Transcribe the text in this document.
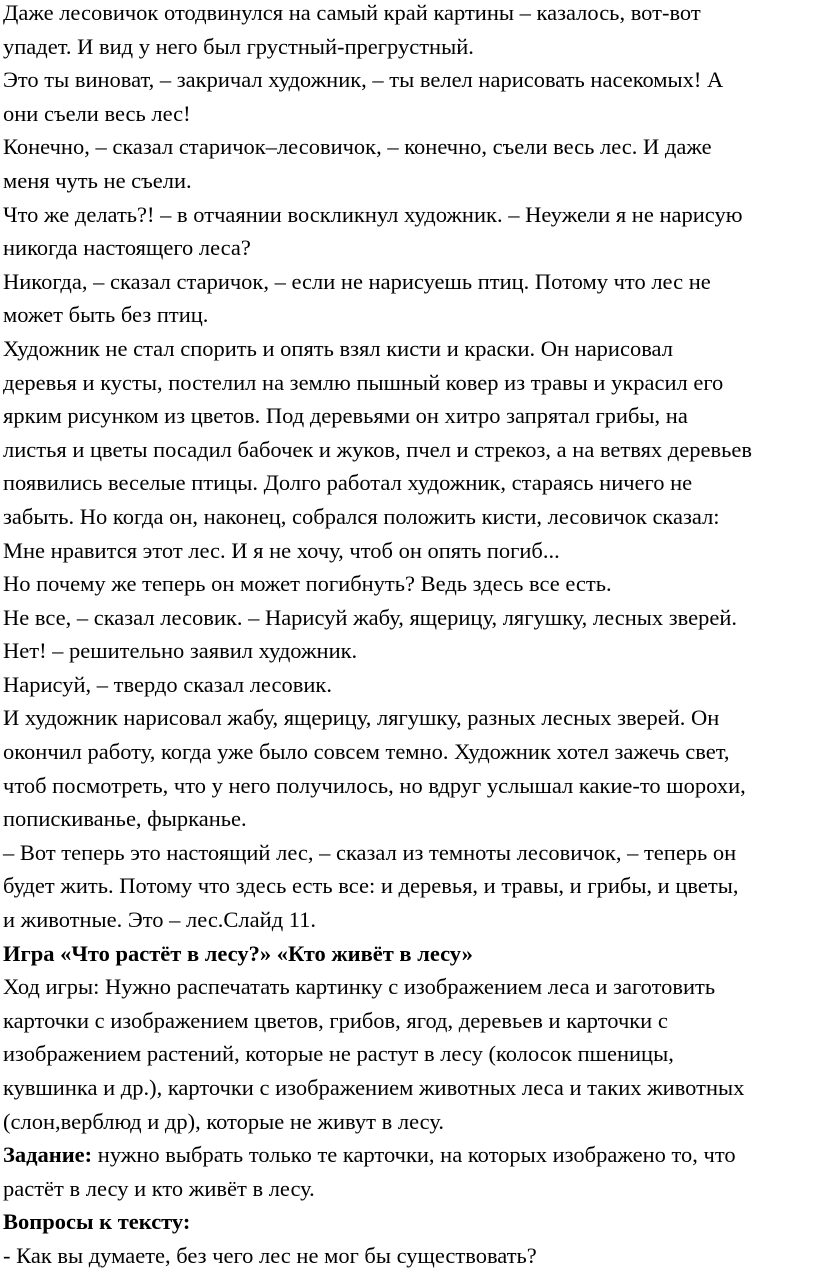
Даже лесовичок отодвинулся на самый край картины – казалось, вот-вот
упадет. И вид у него был грустный-прегрустный.
Это ты виноват, – закричал художник, – ты велел нарисовать насекомых! А
они съели весь лес!
Конечно, – сказал старичок–лесовичок, – конечно, съели весь лес. И даже
меня чуть не съели.
Что же делать?! – в отчаянии воскликнул художник. – Неужели я не нарисую
никогда настоящего леса?
Никогда, – сказал старичок, – если не нарисуешь птиц. Потому что лес не
может быть без птиц.
Художник не стал спорить и опять взял кисти и краски. Он нарисовал
деревья и кусты, постелил на землю пышный ковер из травы и украсил его
ярким рисунком из цветов. Под деревьями он хитро запрятал грибы, на
листья и цветы посадил бабочек и жуков, пчел и стрекоз, а на ветвях деревьев
появились веселые птицы. Долго работал художник, стараясь ничего не
забыть. Но когда он, наконец, собрался положить кисти, лесовичок сказал:
Мне нравится этот лес. И я не хочу, чтоб он опять погиб...
Но почему же теперь он может погибнуть? Ведь здесь все есть.
Не все, – сказал лесовик. – Нарисуй жабу, ящерицу, лягушку, лесных зверей.
Нет! – решительно заявил художник.
Нарисуй, – твердо сказал лесовик.
И художник нарисовал жабу, ящерицу, лягушку, разных лесных зверей. Он
окончил работу, когда уже было совсем темно. Художник хотел зажечь свет,
чтоб посмотреть, что у него получилось, но вдруг услышал какие-то шорохи,
попискиванье, фырканье.
– Вот теперь это настоящий лес, – сказал из темноты лесовичок, – теперь он
будет жить. Потому что здесь есть все: и деревья, и травы, и грибы, и цветы,
и животные. Это – лес.Слайд 11.
Игра «Что растёт в лесу?» «Кто живёт в лесу»
Ход игры: Нужно распечатать картинку с изображением леса и заготовить
карточки с изображением цветов, грибов, ягод, деревьев и карточки с
изображением растений, которые не растут в лесу (колосок пшеницы,
кувшинка и др.), карточки с изображением животных леса и таких животных
(слон,верблюд и др), которые не живут в лесу.
Задание: нужно выбрать только те карточки, на которых изображено то, что
растёт в лесу и кто живёт в лесу.
Вопросы к тексту:
- Как вы думаете, без чего лес не мог бы существовать?
